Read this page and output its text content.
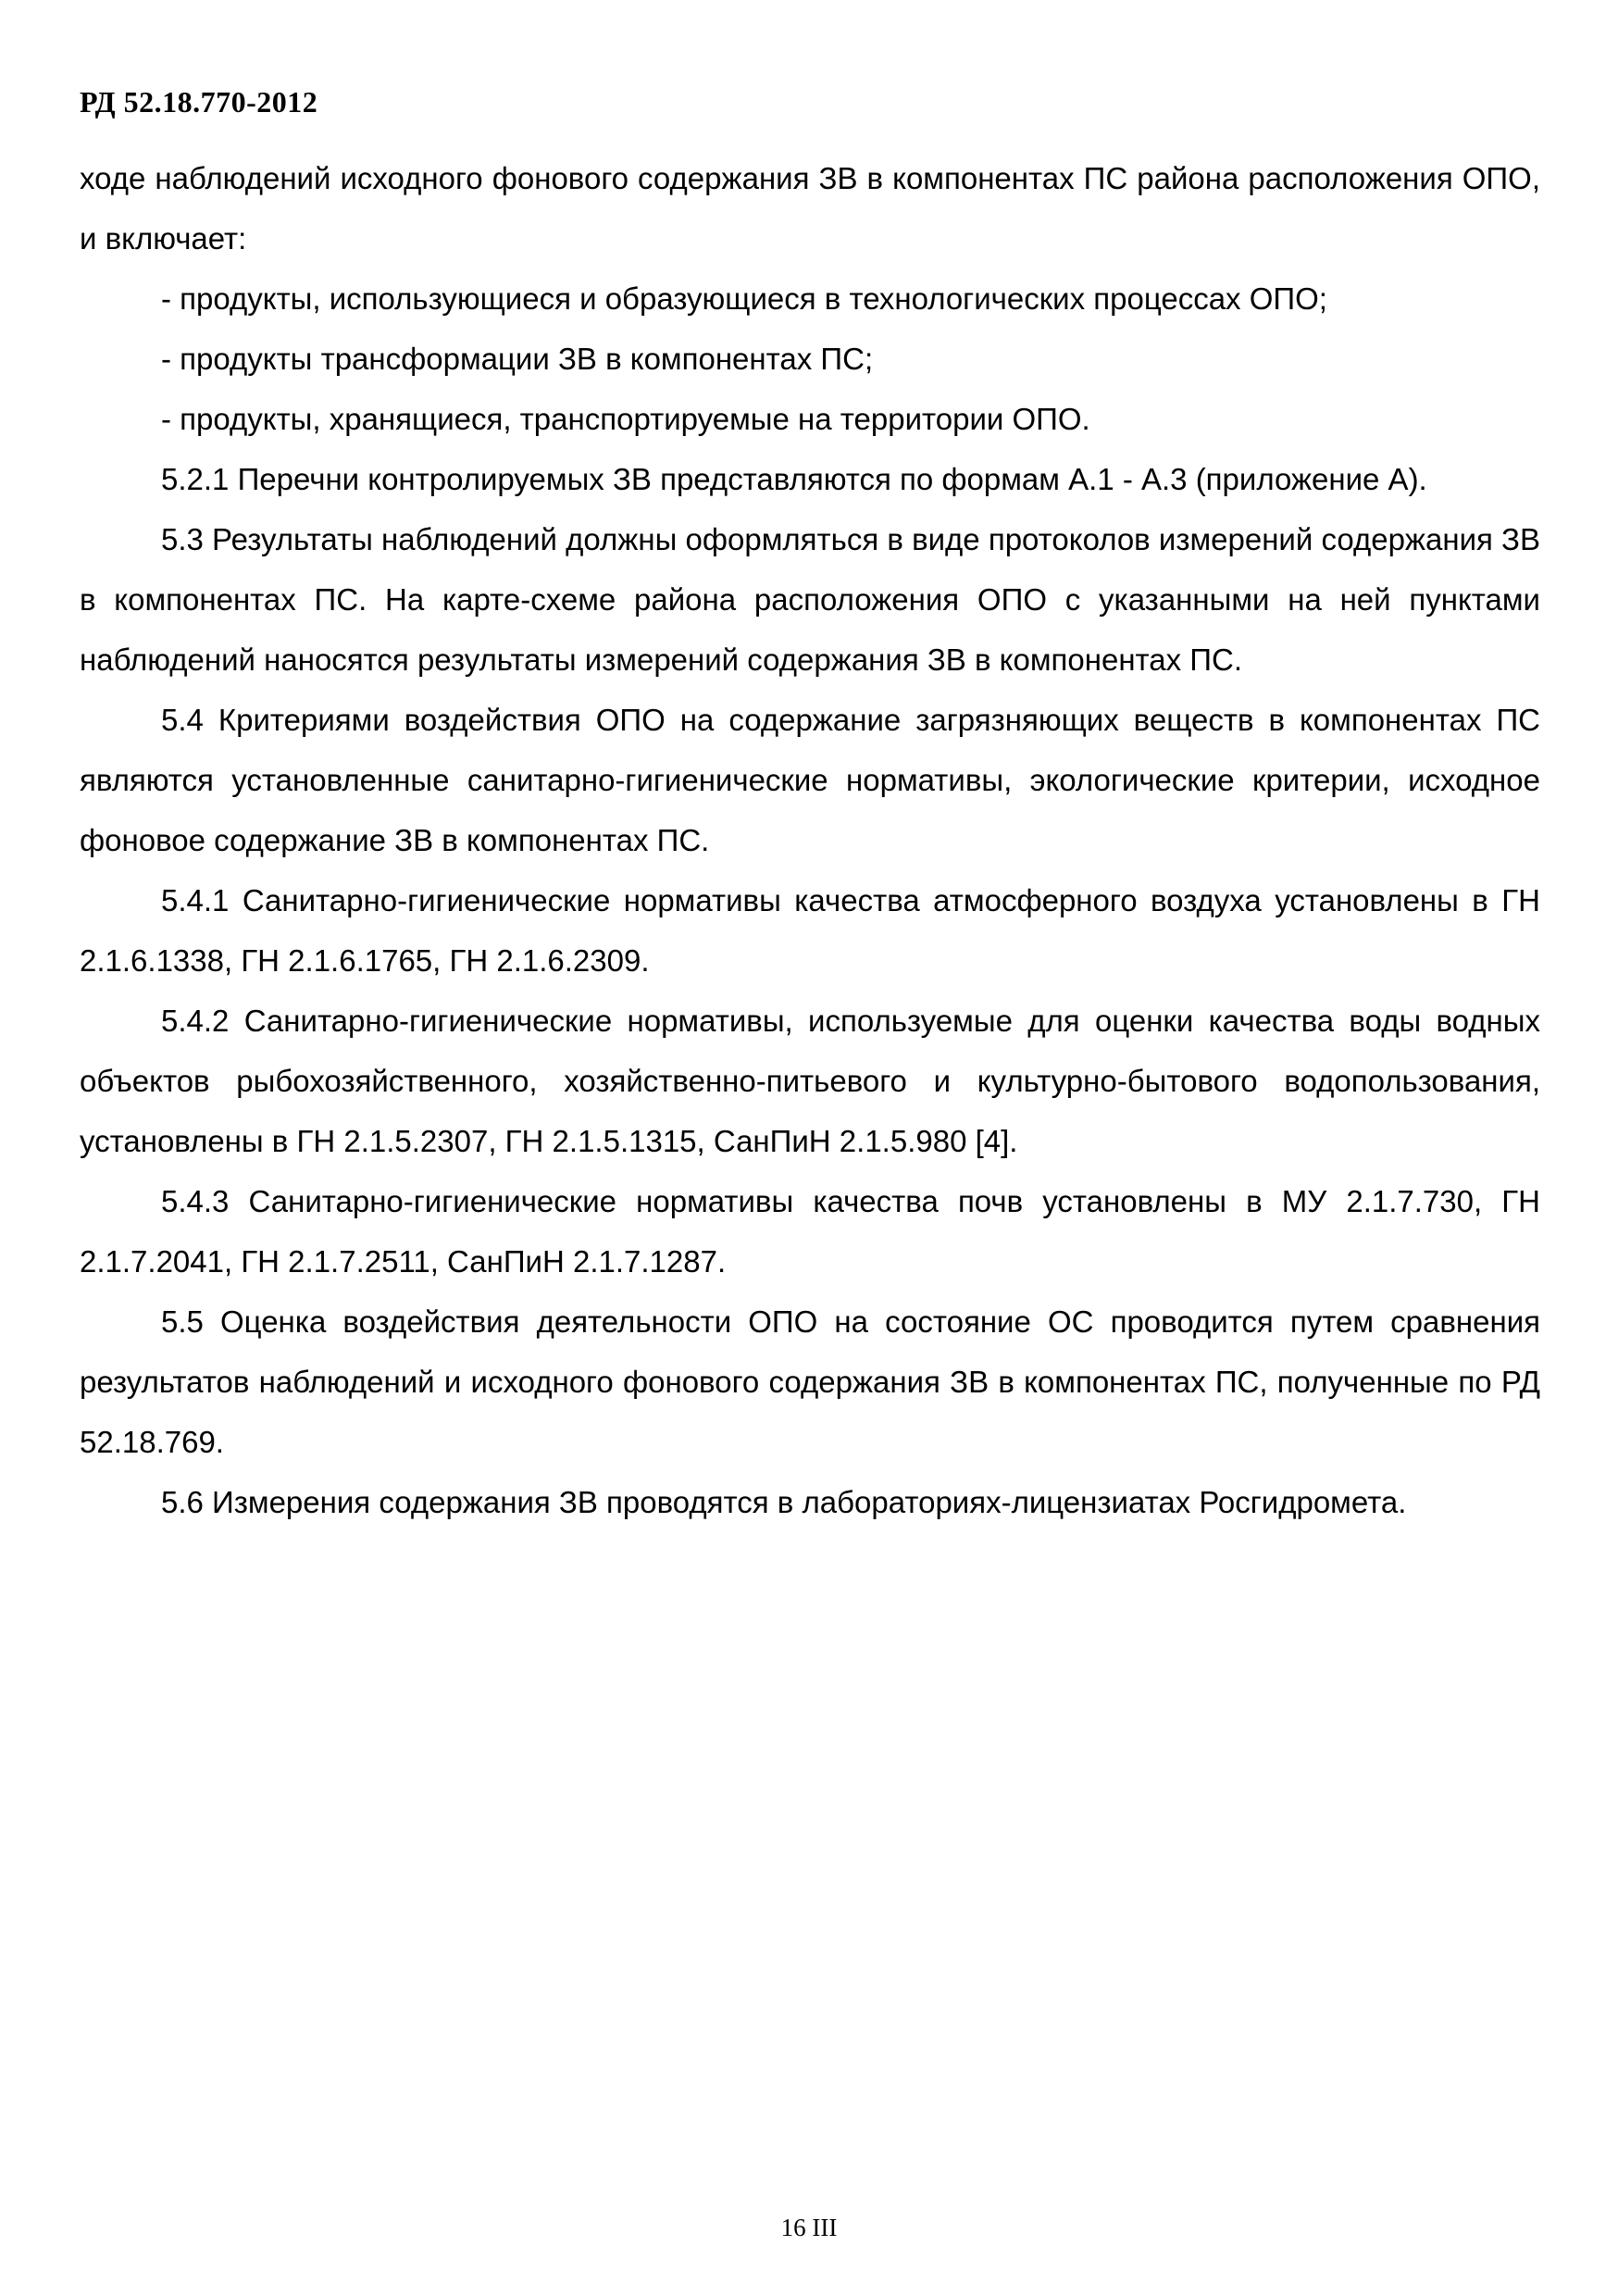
РД 52.18.770-2012

ходе наблюдений исходного фонового содержания ЗВ в компонентах ПС района расположения ОПО, и включает:

- продукты, использующиеся и образующиеся в технологических процессах ОПО;

- продукты трансформации ЗВ в компонентах ПС;

- продукты, хранящиеся, транспортируемые на территории ОПО.

5.2.1 Перечни контролируемых ЗВ представляются по формам А.1 - А.3 (приложение А).

5.3 Результаты наблюдений должны оформляться в виде протоколов измерений содержания ЗВ в компонентах ПС. На карте-схеме района расположения ОПО с указанными на ней пунктами наблюдений наносятся результаты измерений содержания ЗВ в компонентах ПС.

5.4 Критериями воздействия ОПО на содержание загрязняющих веществ в компонентах ПС являются установленные санитарно-гигиенические нормативы, экологические критерии, исходное фоновое содержание ЗВ в компонентах ПС.

5.4.1 Санитарно-гигиенические нормативы качества атмосферного воздуха установлены в ГН 2.1.6.1338, ГН 2.1.6.1765, ГН 2.1.6.2309.

5.4.2 Санитарно-гигиенические нормативы, используемые для оценки качества воды водных объектов рыбохозяйственного, хозяйственно-питьевого и культурно-бытового водопользования, установлены в ГН 2.1.5.2307, ГН 2.1.5.1315, СанПиН 2.1.5.980 [4].

5.4.3 Санитарно-гигиенические нормативы качества почв установлены в МУ 2.1.7.730, ГН 2.1.7.2041, ГН 2.1.7.2511, СанПиН 2.1.7.1287.

5.5 Оценка воздействия деятельности ОПО на состояние ОС проводится путем сравнения результатов наблюдений и исходного фонового содержания ЗВ в компонентах ПС, полученные по РД 52.18.769.

5.6 Измерения содержания ЗВ проводятся в лабораториях-лицензиатах Росгидромета.

16 III
